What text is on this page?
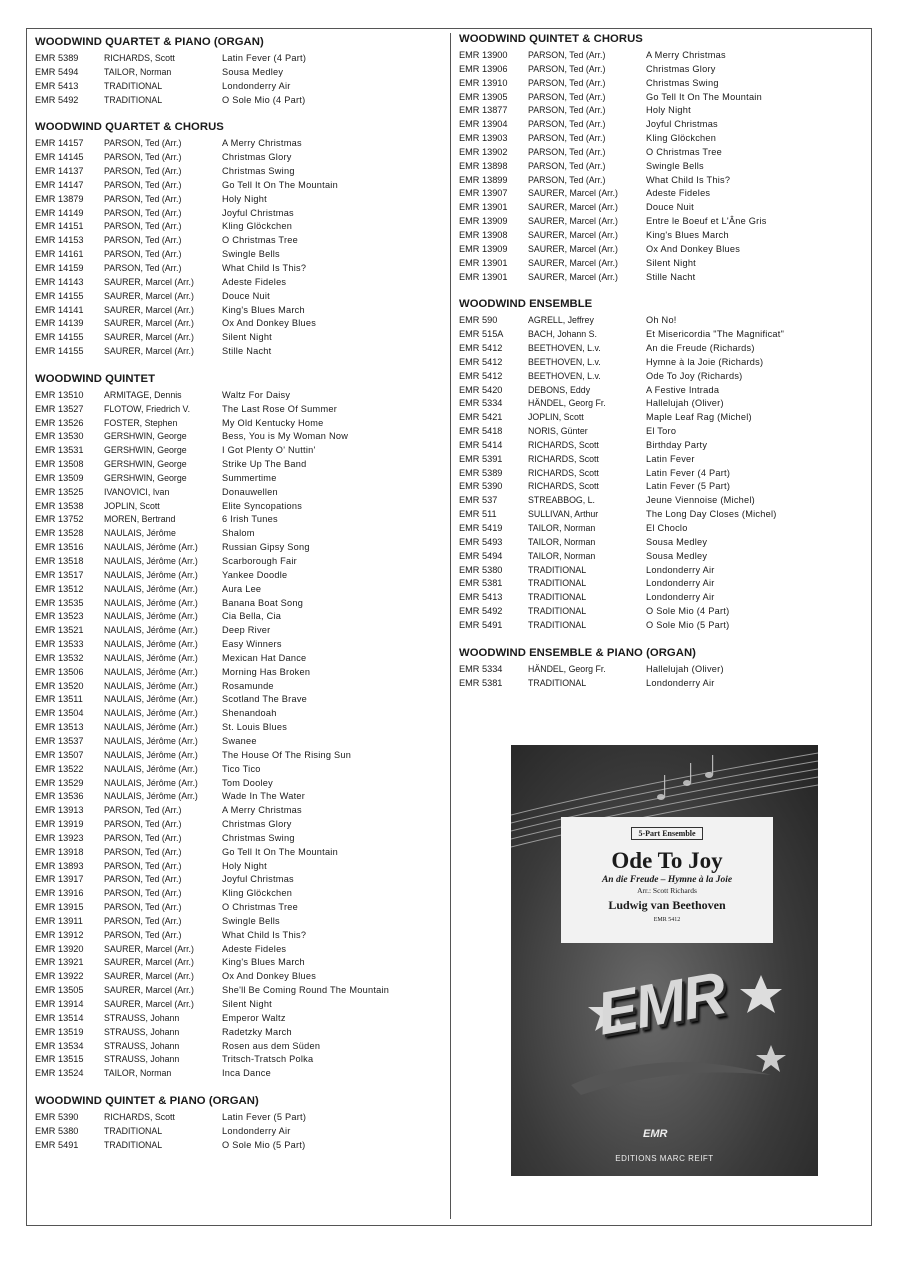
WOODWIND QUARTET & PIANO (ORGAN)
EMR 5389	RICHARDS, Scott	Latin Fever (4 Part)
EMR 5494	TAILOR, Norman	Sousa Medley
EMR 5413	TRADITIONAL	Londonderry Air
EMR 5492	TRADITIONAL	O Sole Mio (4 Part)
WOODWIND QUARTET & CHORUS
EMR 14157	PARSON, Ted (Arr.)	A Merry Christmas
EMR 14145	PARSON, Ted (Arr.)	Christmas Glory
EMR 14137	PARSON, Ted (Arr.)	Christmas Swing
EMR 14147	PARSON, Ted (Arr.)	Go Tell It On The Mountain
EMR 13879	PARSON, Ted (Arr.)	Holy Night
EMR 14149	PARSON, Ted (Arr.)	Joyful Christmas
EMR 14151	PARSON, Ted (Arr.)	Kling Glöckchen
EMR 14153	PARSON, Ted (Arr.)	O Christmas Tree
EMR 14161	PARSON, Ted (Arr.)	Swingle Bells
EMR 14159	PARSON, Ted (Arr.)	What Child Is This?
EMR 14143	SAURER, Marcel (Arr.)	Adeste Fideles
EMR 14155	SAURER, Marcel (Arr.)	Douce Nuit
EMR 14141	SAURER, Marcel (Arr.)	King's Blues March
EMR 14139	SAURER, Marcel (Arr.)	Ox And Donkey Blues
EMR 14155	SAURER, Marcel (Arr.)	Silent Night
EMR 14155	SAURER, Marcel (Arr.)	Stille Nacht
WOODWIND QUINTET
EMR 13510	ARMITAGE, Dennis	Waltz For Daisy
EMR 13527	FLOTOW, Friedrich V.	The Last Rose Of Summer
EMR 13526	FOSTER, Stephen	My Old Kentucky Home
EMR 13530	GERSHWIN, George	Bess, You is My Woman Now
EMR 13531	GERSHWIN, George	I Got Plenty O' Nuttin'
EMR 13508	GERSHWIN, George	Strike Up The Band
EMR 13509	GERSHWIN, George	Summertime
EMR 13525	IVANOVICI, Ivan	Donauwellen
EMR 13538	JOPLIN, Scott	Elite Syncopations
EMR 13752	MOREN, Bertrand	6 Irish Tunes
EMR 13528	NAULAIS, Jérôme	Shalom
EMR 13516	NAULAIS, Jérôme (Arr.)	Russian Gipsy Song
EMR 13518	NAULAIS, Jérôme (Arr.)	Scarborough Fair
EMR 13517	NAULAIS, Jérôme (Arr.)	Yankee Doodle
EMR 13512	NAULAIS, Jérôme (Arr.)	Aura Lee
EMR 13535	NAULAIS, Jérôme (Arr.)	Banana Boat Song
EMR 13523	NAULAIS, Jérôme (Arr.)	Cia Bella, Cia
EMR 13521	NAULAIS, Jérôme (Arr.)	Deep River
EMR 13533	NAULAIS, Jérôme (Arr.)	Easy Winners
EMR 13532	NAULAIS, Jérôme (Arr.)	Mexican Hat Dance
EMR 13506	NAULAIS, Jérôme (Arr.)	Morning Has Broken
EMR 13520	NAULAIS, Jérôme (Arr.)	Rosamunde
EMR 13511	NAULAIS, Jérôme (Arr.)	Scotland The Brave
EMR 13504	NAULAIS, Jérôme (Arr.)	Shenandoah
EMR 13513	NAULAIS, Jérôme (Arr.)	St. Louis Blues
EMR 13537	NAULAIS, Jérôme (Arr.)	Swanee
EMR 13507	NAULAIS, Jérôme (Arr.)	The House Of The Rising Sun
EMR 13522	NAULAIS, Jérôme (Arr.)	Tico Tico
EMR 13529	NAULAIS, Jérôme (Arr.)	Tom Dooley
EMR 13536	NAULAIS, Jérôme (Arr.)	Wade In The Water
EMR 13913	PARSON, Ted (Arr.)	A Merry Christmas
EMR 13919	PARSON, Ted (Arr.)	Christmas Glory
EMR 13923	PARSON, Ted (Arr.)	Christmas Swing
EMR 13918	PARSON, Ted (Arr.)	Go Tell It On The Mountain
EMR 13893	PARSON, Ted (Arr.)	Holy Night
EMR 13917	PARSON, Ted (Arr.)	Joyful Christmas
EMR 13916	PARSON, Ted (Arr.)	Kling Glöckchen
EMR 13915	PARSON, Ted (Arr.)	O Christmas Tree
EMR 13911	PARSON, Ted (Arr.)	Swingle Bells
EMR 13912	PARSON, Ted (Arr.)	What Child Is This?
EMR 13920	SAURER, Marcel (Arr.)	Adeste Fideles
EMR 13921	SAURER, Marcel (Arr.)	King's Blues March
EMR 13922	SAURER, Marcel (Arr.)	Ox And Donkey Blues
EMR 13505	SAURER, Marcel (Arr.)	She'll Be Coming Round The Mountain
EMR 13914	SAURER, Marcel (Arr.)	Silent Night
EMR 13514	STRAUSS, Johann	Emperor Waltz
EMR 13519	STRAUSS, Johann	Radetzky March
EMR 13534	STRAUSS, Johann	Rosen aus dem Süden
EMR 13515	STRAUSS, Johann	Tritsch-Tratsch Polka
EMR 13524	TAILOR, Norman	Inca Dance
WOODWIND QUINTET & PIANO (ORGAN)
EMR 5390	RICHARDS, Scott	Latin Fever (5 Part)
EMR 5380	TRADITIONAL	Londonderry Air
EMR 5491	TRADITIONAL	O Sole Mio (5 Part)
WOODWIND QUINTET & CHORUS
EMR 13900	PARSON, Ted (Arr.)	A Merry Christmas
EMR 13906	PARSON, Ted (Arr.)	Christmas Glory
EMR 13910	PARSON, Ted (Arr.)	Christmas Swing
EMR 13905	PARSON, Ted (Arr.)	Go Tell It On The Mountain
EMR 13877	PARSON, Ted (Arr.)	Holy Night
EMR 13904	PARSON, Ted (Arr.)	Joyful Christmas
EMR 13903	PARSON, Ted (Arr.)	Kling Glöckchen
EMR 13902	PARSON, Ted (Arr.)	O Christmas Tree
EMR 13898	PARSON, Ted (Arr.)	Swingle Bells
EMR 13899	PARSON, Ted (Arr.)	What Child Is This?
EMR 13907	SAURER, Marcel (Arr.)	Adeste Fideles
EMR 13901	SAURER, Marcel (Arr.)	Douce Nuit
EMR 13909	SAURER, Marcel (Arr.)	Entre le Boeuf et L'Âne Gris
EMR 13908	SAURER, Marcel (Arr.)	King's Blues March
EMR 13909	SAURER, Marcel (Arr.)	Ox And Donkey Blues
EMR 13901	SAURER, Marcel (Arr.)	Silent Night
EMR 13901	SAURER, Marcel (Arr.)	Stille Nacht
WOODWIND ENSEMBLE
EMR 590	AGRELL, Jeffrey	Oh No!
EMR 515A	BACH, Johann S.	Et Misericordia "The Magnificat"
EMR 5412	BEETHOVEN, L.v.	An die Freude (Richards)
EMR 5412	BEETHOVEN, L.v.	Hymne à la Joie (Richards)
EMR 5412	BEETHOVEN, L.v.	Ode To Joy (Richards)
EMR 5420	DEBONS, Eddy	A Festive Intrada
EMR 5334	HÄNDEL, Georg Fr.	Hallelujah (Oliver)
EMR 5421	JOPLIN, Scott	Maple Leaf Rag (Michel)
EMR 5418	NORIS, Günter	El Toro
EMR 5414	RICHARDS, Scott	Birthday Party
EMR 5391	RICHARDS, Scott	Latin Fever
EMR 5389	RICHARDS, Scott	Latin Fever (4 Part)
EMR 5390	RICHARDS, Scott	Latin Fever (5 Part)
EMR 537	STREABBOG, L.	Jeune Viennoise (Michel)
EMR 511	SULLIVAN, Arthur	The Long Day Closes (Michel)
EMR 5419	TAILOR, Norman	El Choclo
EMR 5493	TAILOR, Norman	Sousa Medley
EMR 5494	TAILOR, Norman	Sousa Medley
EMR 5380	TRADITIONAL	Londonderry Air
EMR 5381	TRADITIONAL	Londonderry Air
EMR 5413	TRADITIONAL	Londonderry Air
EMR 5492	TRADITIONAL	O Sole Mio (4 Part)
EMR 5491	TRADITIONAL	O Sole Mio (5 Part)
WOODWIND ENSEMBLE & PIANO (ORGAN)
EMR 5334	HÄNDEL, Georg Fr.	Hallelujah (Oliver)
EMR 5381	TRADITIONAL	Londonderry Air
5-Part Ensemble
Ode To Joy
An die Freude – Hymne à la Joie
Arr.: Scott Richards
Ludwig van Beethoven
EMR 5412
EMR
EMR
EDITIONS MARC REIFT
